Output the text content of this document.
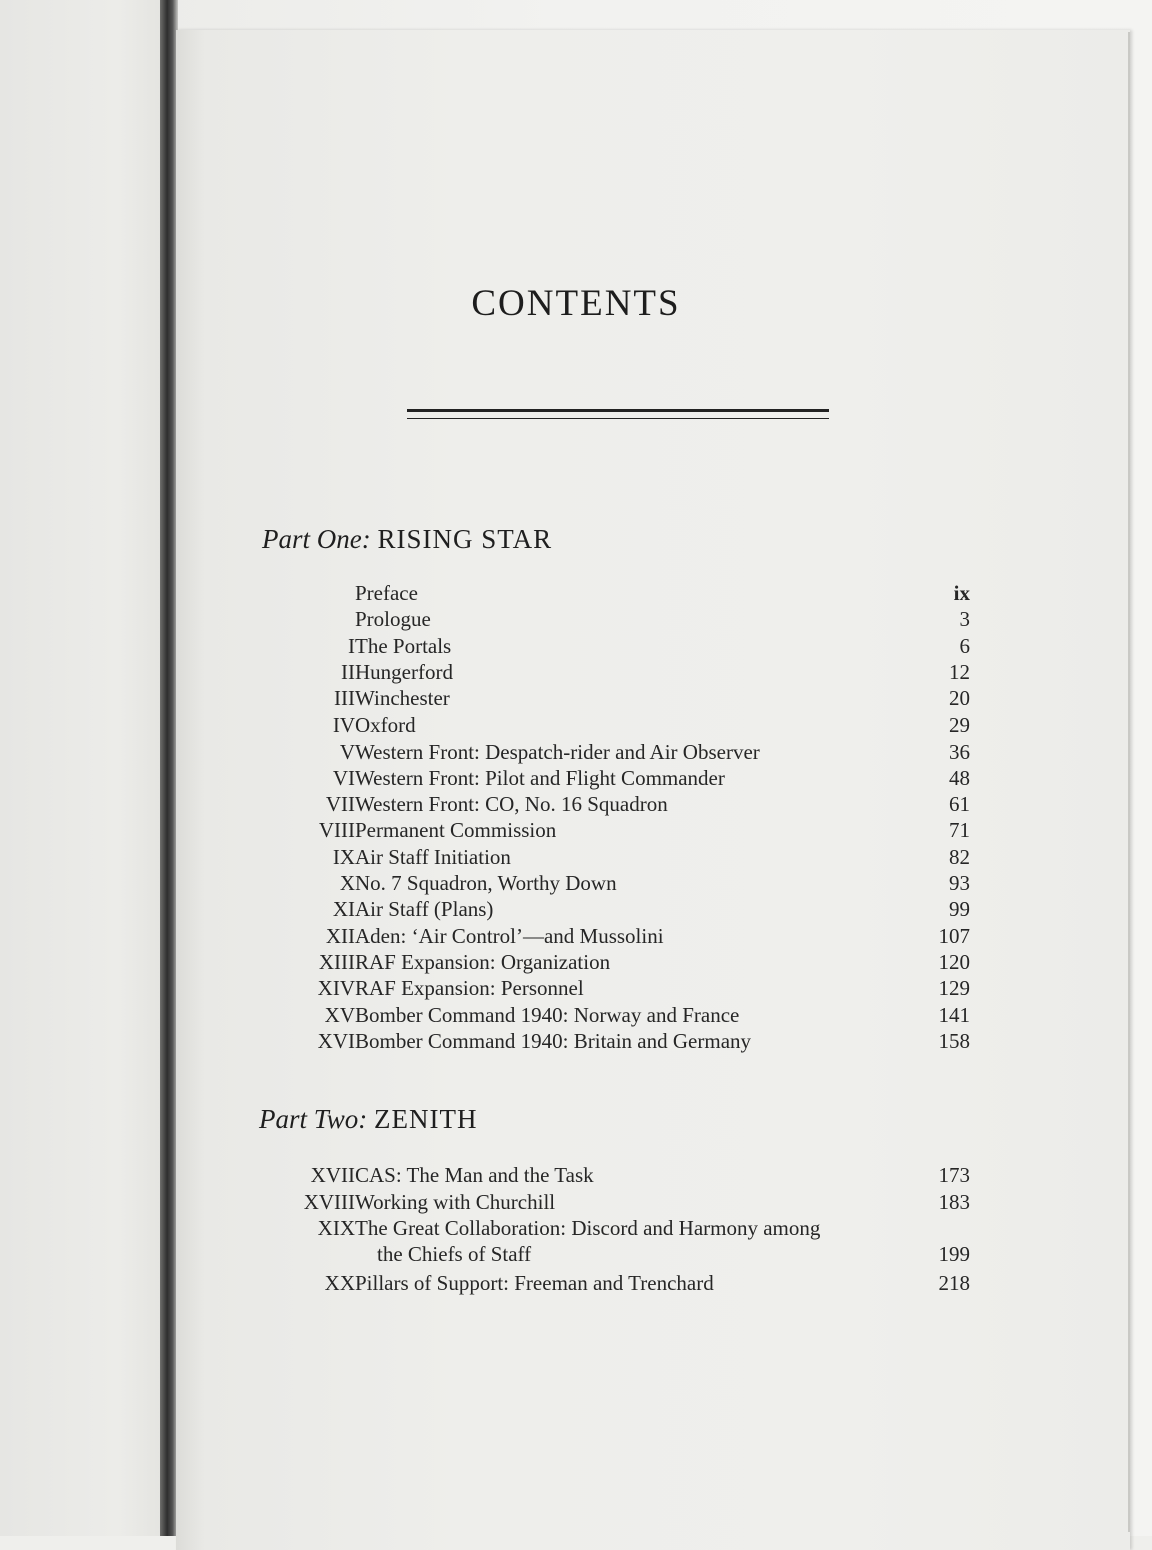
CONTENTS
Part One: RISING STAR
Preface	ix
Prologue	3
I The Portals	6
II Hungerford	12
III Winchester	20
IV Oxford	29
V Western Front: Despatch-rider and Air Observer	36
VI Western Front: Pilot and Flight Commander	48
VII Western Front: CO, No. 16 Squadron	61
VIII Permanent Commission	71
IX Air Staff Initiation	82
X No. 7 Squadron, Worthy Down	93
XI Air Staff (Plans)	99
XII Aden: ‘Air Control’—and Mussolini	107
XIII RAF Expansion: Organization	120
XIV RAF Expansion: Personnel	129
XV Bomber Command 1940: Norway and France	141
XVI Bomber Command 1940: Britain and Germany	158
Part Two: ZENITH
XVII CAS: The Man and the Task	173
XVIII Working with Churchill	183
XIX The Great Collaboration: Discord and Harmony among
the Chiefs of Staff	199
XX Pillars of Support: Freeman and Trenchard	218
